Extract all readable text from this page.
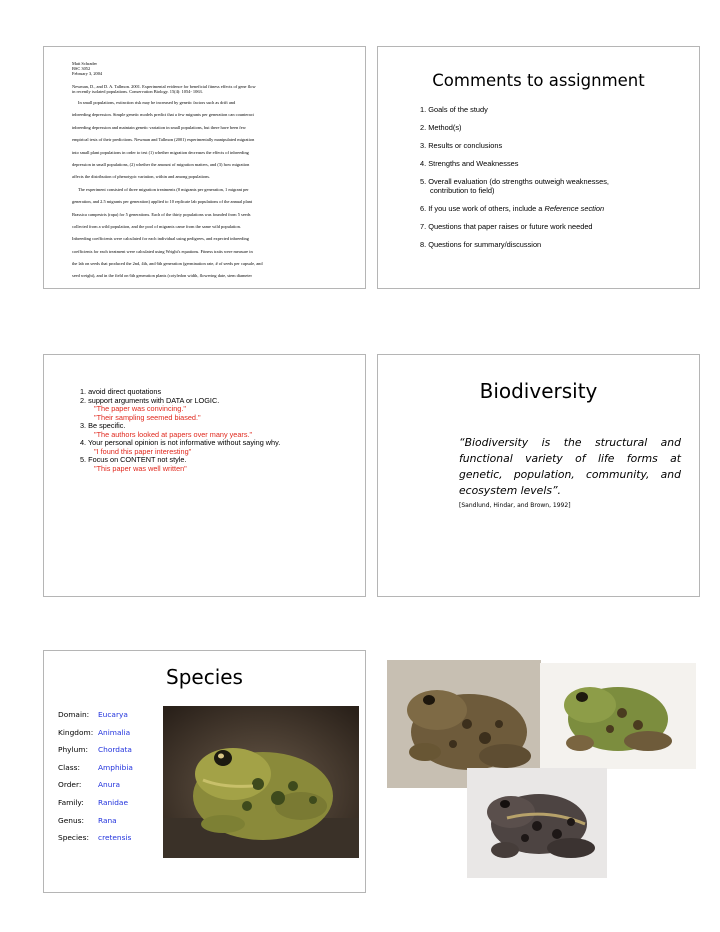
Matt Schrader
BSC 3052
February 3, 2004
Newman, D., and D. A. Tallmon. 2001. Experimental evidence for beneficial fitness effects of gene flow
in recently isolated populations. Conservation Biology. 15(4): 1054- 1063.

In small populations, extinction risk may be increased by genetic factors such as drift and

inbreeding depression. Simple genetic models predict that a few migrants per generation can counteract

inbreeding depression and maintain genetic variation in small populations, but there have been few

empirical tests of their predictions. Newman and Tallmon (2001) experimentally manipulated migration

into small plant populations in order to test (1) whether migration decreases the effects of inbreeding

depression in small populations, (2) whether the amount of migration matters, and (3) how migration

affects the distribution of phenotypic variation, within and among populations.

The experiment consisted of three migration treatments (0 migrants per generation, 1 migrant per

generation, and 2.5 migrants per generation) applied to 10 replicate lab populations of the annual plant

Brassica campestris (rapa) for 5 generations. Each of the thirty populations was founded from 5 seeds

collected from a wild population, and the pool of migrants came from the same wild population.

Inbreeding coefficients were calculated for each individual using pedigrees, and expected inbreeding

coefficients for each treatment were calculated using Wright's equations. Fitness traits were measure in

the lab on seeds that produced the 2nd, 4th, and 6th generation (germination rate, # of seeds per capsule, and

seed weight), and in the field on 6th generation plants (cotyledon width, flowering date, stem diameter

Comments to assignment
1. Goals of the study
2. Method(s)
3. Results or conclusions
4. Strengths and Weaknesses
5. Overall evaluation (do strengths outweigh weaknesses,
contribution to field)
6. If you use work of others, include a Reference section
7. Questions that paper raises or future work needed
8. Questions for summary/discussion
1. avoid direct quotations
2. support arguments with DATA or LOGIC.
"The paper was convincing."
"Their sampling seemed biased."
3. Be specific.
"The authors looked at papers over many years."
4. Your personal opinion is not informative without saying why.
"I found this paper interesting"
5. Focus on CONTENT not style.
"This paper was well written"
Biodiversity
“Biodiversity is the structural and functional variety of life forms at genetic, population, community, and ecosystem levels”.
[Sandlund, Hindar, and Brown, 1992]
Species
Domain: Eucarya
Kingdom: Animalia
Phylum: Chordata
Class: Amphibia
Order: Anura
Family: Ranidae
Genus: Rana
Species: cretensis
